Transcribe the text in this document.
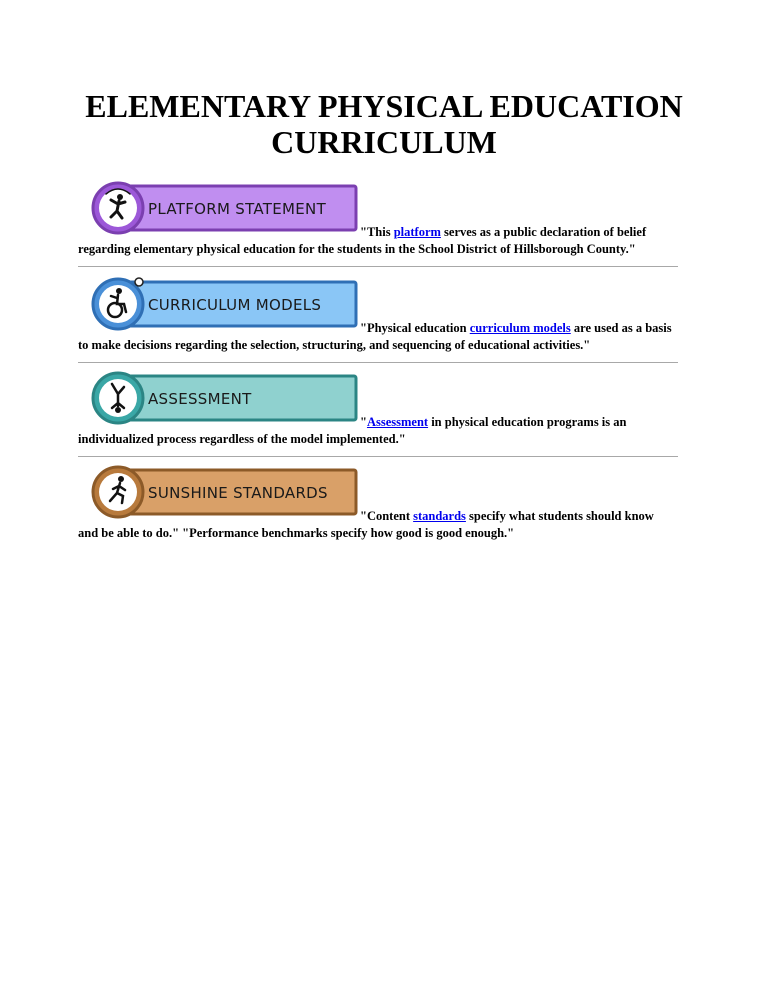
ELEMENTARY PHYSICAL EDUCATION
CURRICULUM
PLATFORM STATEMENT
"This platform serves as a public declaration of belief
regarding elementary physical education for the students in the School District of Hillsborough County."
CURRICULUM MODELS
"Physical education curriculum models are used as a basis
to make decisions regarding the selection, structuring, and sequencing of educational activities."
ASSESSMENT
"Assessment in physical education programs is an
individualized process regardless of the model implemented."
SUNSHINE STANDARDS
"Content standards specify what students should know
and be able to do." "Performance benchmarks specify how good is good enough."
